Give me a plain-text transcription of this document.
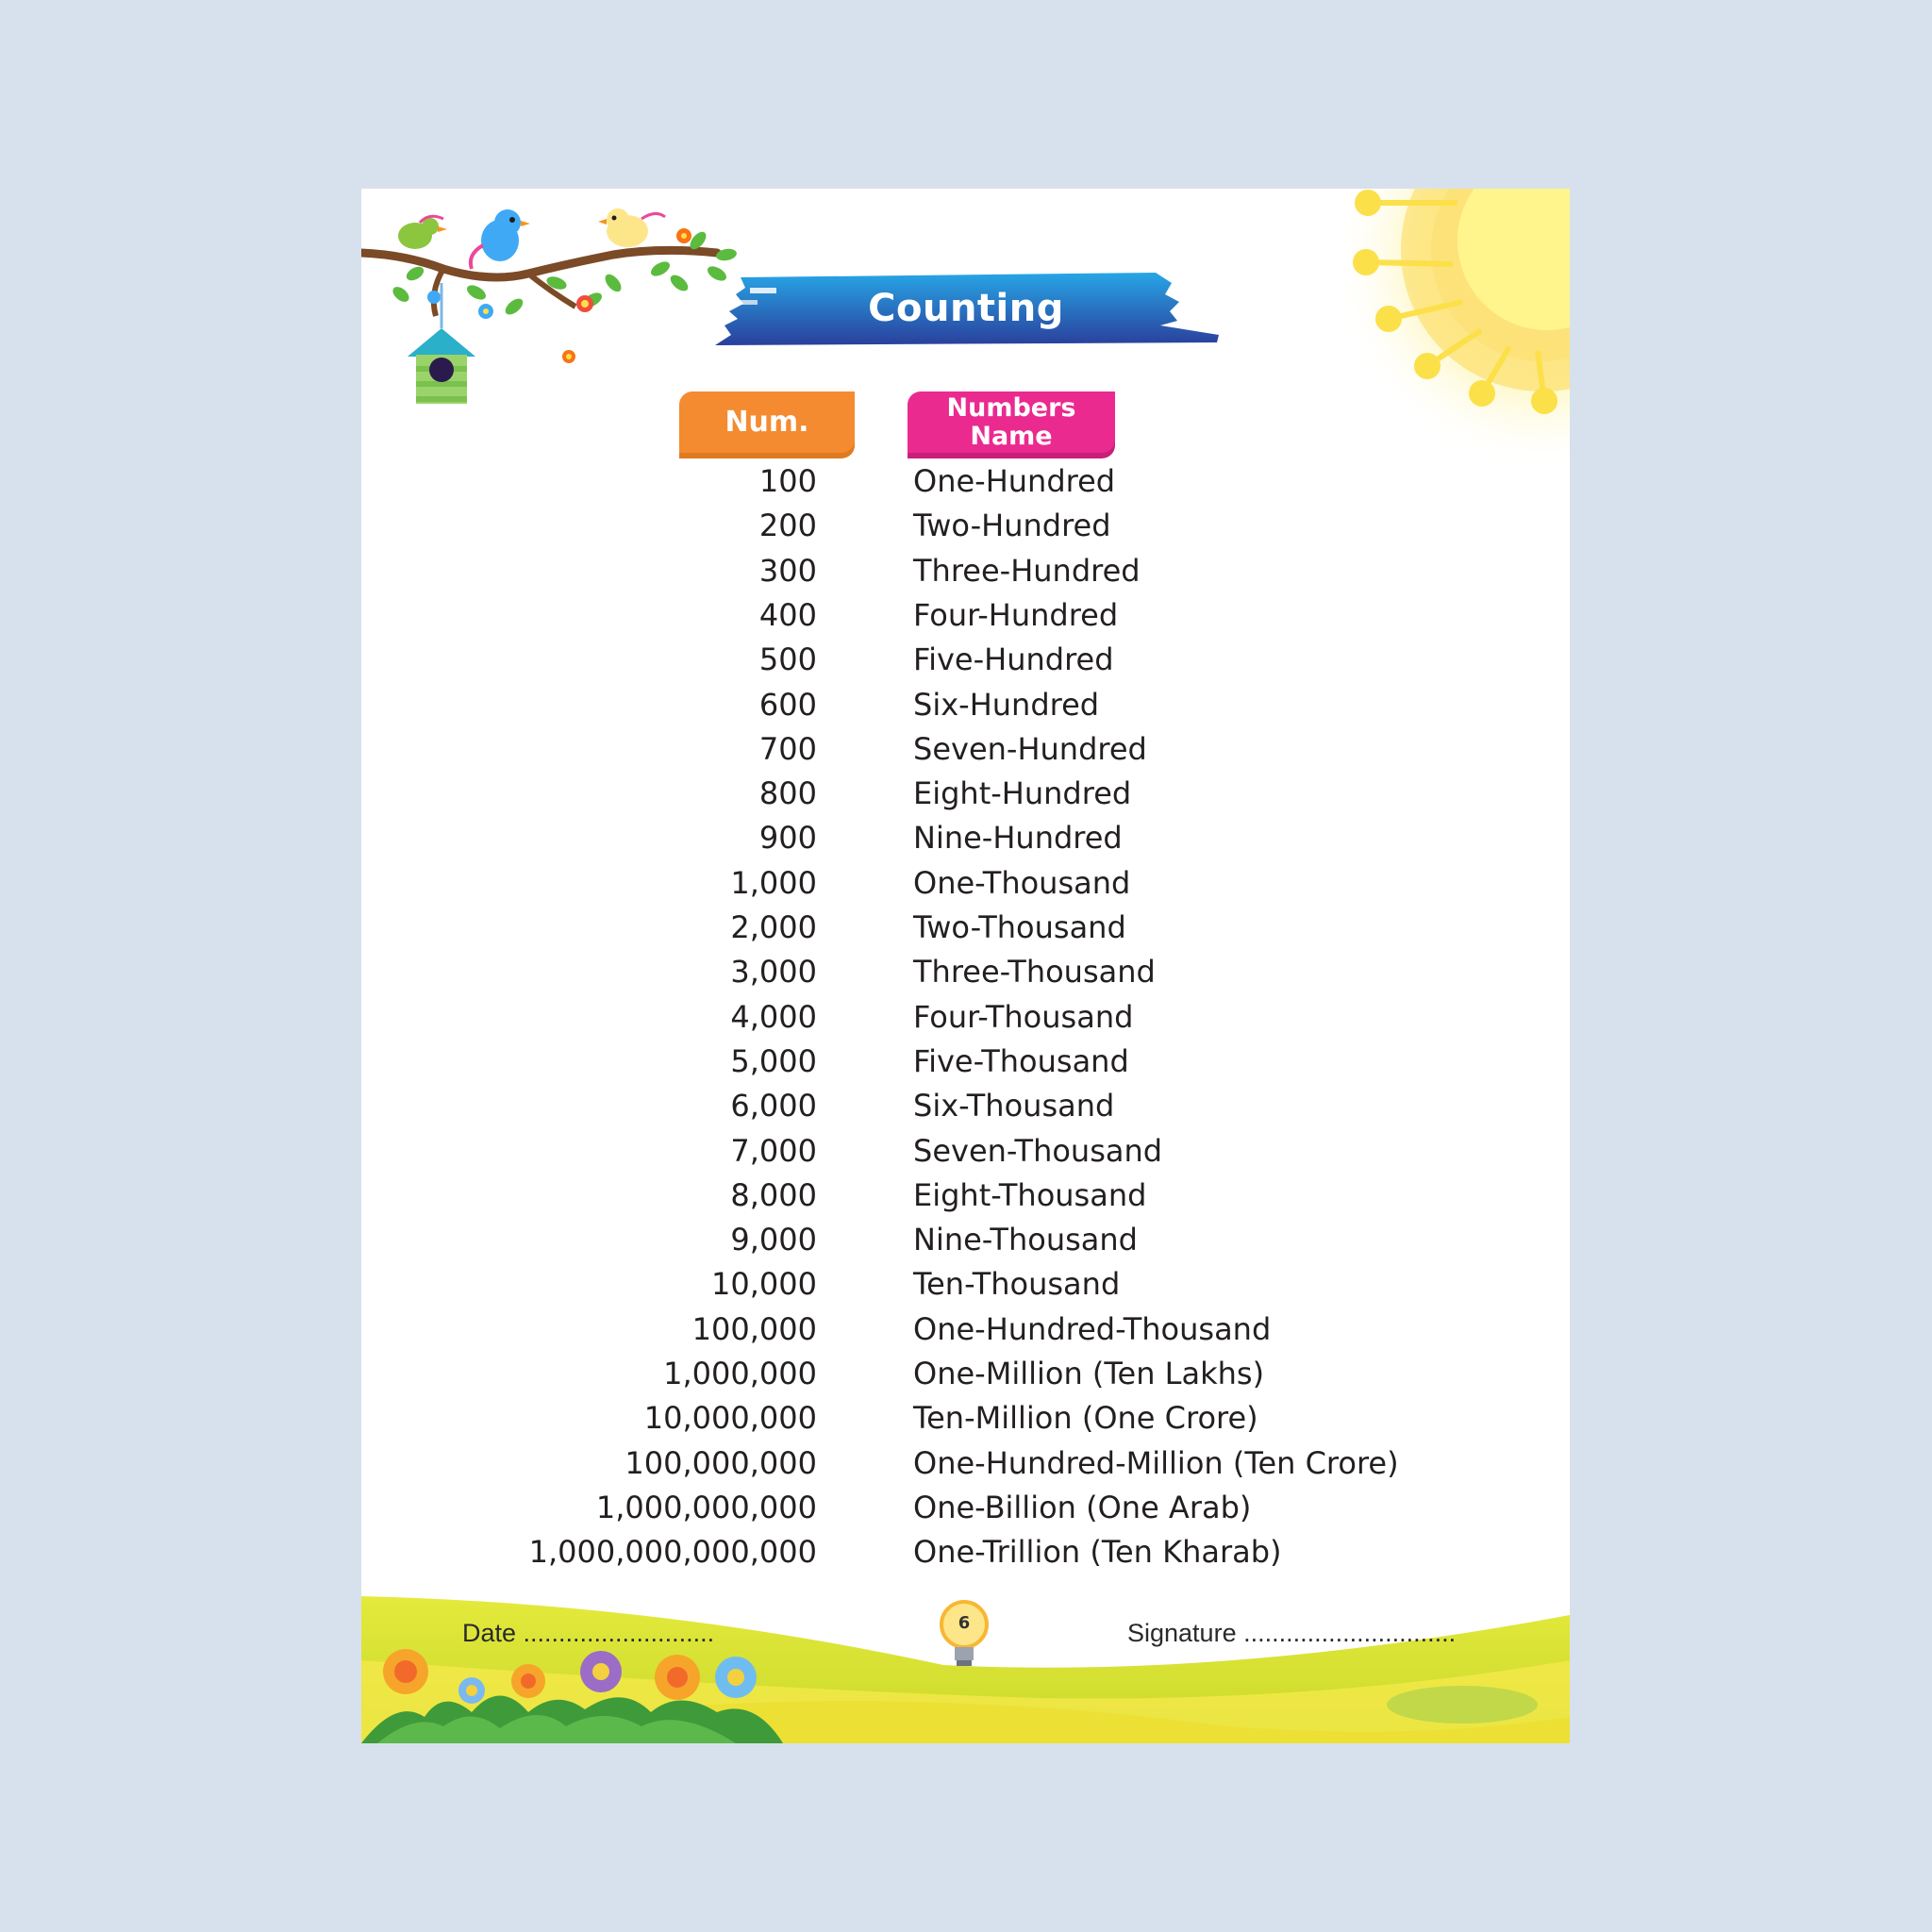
Counting
Num.	Numbers
Name
100	One-Hundred
200	Two-Hundred
300	Three-Hundred
400	Four-Hundred
500	Five-Hundred
600	Six-Hundred
700	Seven-Hundred
800	Eight-Hundred
900	Nine-Hundred
1,000	One-Thousand
2,000	Two-Thousand
3,000	Three-Thousand
4,000	Four-Thousand
5,000	Five-Thousand
6,000	Six-Thousand
7,000	Seven-Thousand
8,000	Eight-Thousand
9,000	Nine-Thousand
10,000	Ten-Thousand
100,000	One-Hundred-Thousand
1,000,000	One-Million (Ten Lakhs)
10,000,000	Ten-Million (One Crore)
100,000,000	One-Hundred-Million (Ten Crore)
1,000,000,000	One-Billion (One Arab)
1,000,000,000,000	One-Trillion (Ten Kharab)
Date ...........................	6	Signature ..............................
